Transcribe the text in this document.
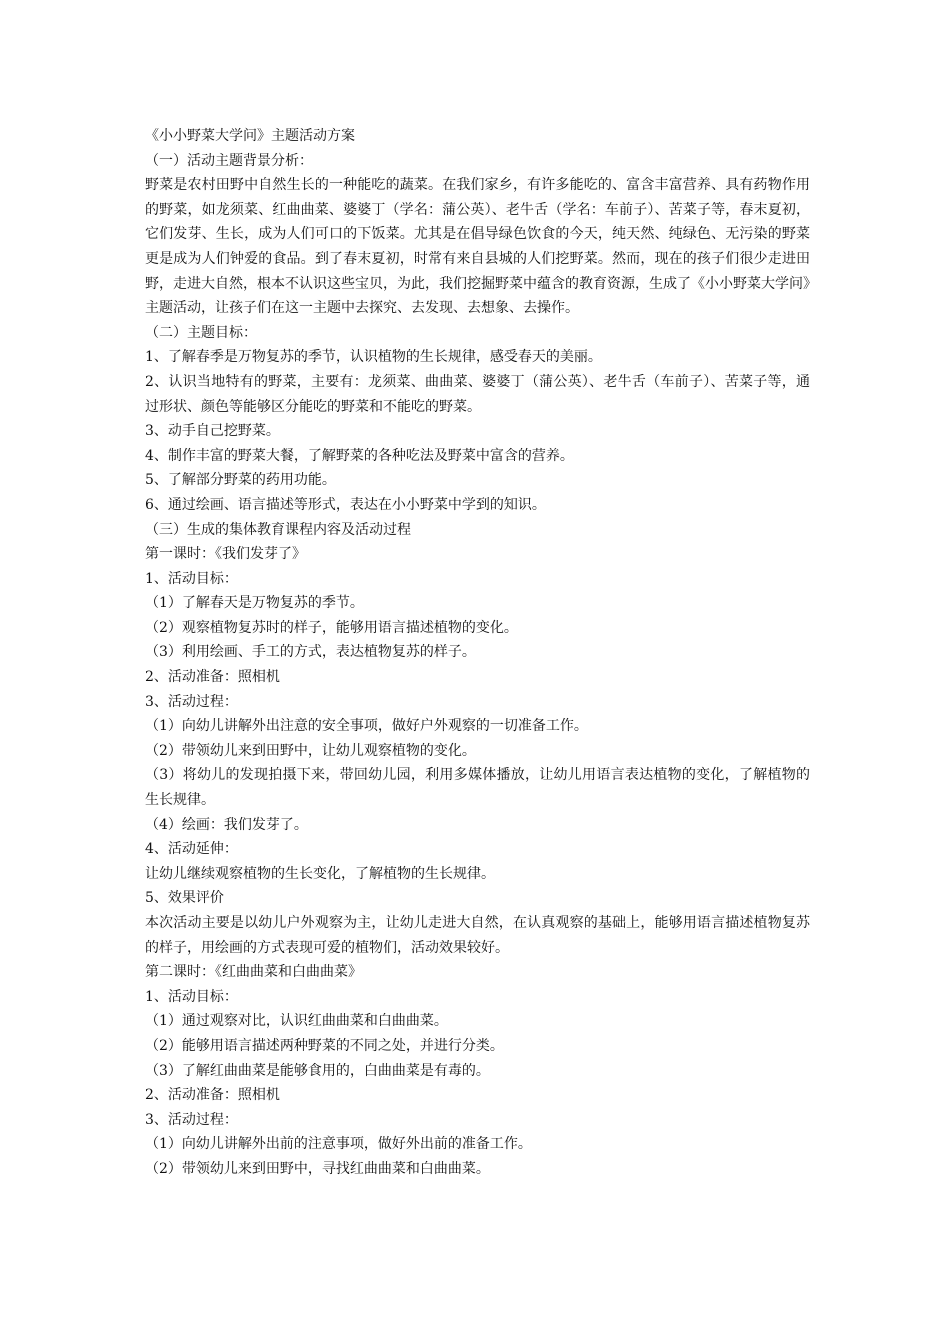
《小小野菜大学问》主题活动方案

（一）活动主题背景分析：

野菜是农村田野中自然生长的一种能吃的蔬菜。在我们家乡，有许多能吃的、富含丰富营养、具有药物作用的野菜，如龙须菜、红曲曲菜、婆婆丁（学名：蒲公英）、老牛舌（学名：车前子）、苦菜子等，春末夏初，它们发芽、生长，成为人们可口的下饭菜。尤其是在倡导绿色饮食的今天，纯天然、纯绿色、无污染的野菜更是成为人们钟爱的食品。到了春末夏初，时常有来自县城的人们挖野菜。然而，现在的孩子们很少走进田野，走进大自然，根本不认识这些宝贝，为此，我们挖掘野菜中蕴含的教育资源，生成了《小小野菜大学问》主题活动，让孩子们在这一主题中去探究、去发现、去想象、去操作。

（二）主题目标：

1、了解春季是万物复苏的季节，认识植物的生长规律，感受春天的美丽。

2、认识当地特有的野菜，主要有：龙须菜、曲曲菜、婆婆丁（蒲公英）、老牛舌（车前子）、苦菜子等，通过形状、颜色等能够区分能吃的野菜和不能吃的野菜。

3、动手自己挖野菜。

4、制作丰富的野菜大餐，了解野菜的各种吃法及野菜中富含的营养。

5、了解部分野菜的药用功能。

6、通过绘画、语言描述等形式，表达在小小野菜中学到的知识。

（三）生成的集体教育课程内容及活动过程

第一课时：《我们发芽了》

1、活动目标：

（1）了解春天是万物复苏的季节。

（2）观察植物复苏时的样子，能够用语言描述植物的变化。

（3）利用绘画、手工的方式，表达植物复苏的样子。

2、活动准备：照相机

3、活动过程：

（1）向幼儿讲解外出注意的安全事项，做好户外观察的一切准备工作。

（2）带领幼儿来到田野中，让幼儿观察植物的变化。

（3）将幼儿的发现拍摄下来，带回幼儿园，利用多媒体播放，让幼儿用语言表达植物的变化，了解植物的生长规律。

（4）绘画：我们发芽了。

4、活动延伸：

让幼儿继续观察植物的生长变化，了解植物的生长规律。

5、效果评价

本次活动主要是以幼儿户外观察为主，让幼儿走进大自然，在认真观察的基础上，能够用语言描述植物复苏的样子，用绘画的方式表现可爱的植物们，活动效果较好。

第二课时：《红曲曲菜和白曲曲菜》

1、活动目标：

（1）通过观察对比，认识红曲曲菜和白曲曲菜。

（2）能够用语言描述两种野菜的不同之处，并进行分类。

（3）了解红曲曲菜是能够食用的，白曲曲菜是有毒的。

2、活动准备：照相机

3、活动过程：

（1）向幼儿讲解外出前的注意事项，做好外出前的准备工作。

（2）带领幼儿来到田野中，寻找红曲曲菜和白曲曲菜。
